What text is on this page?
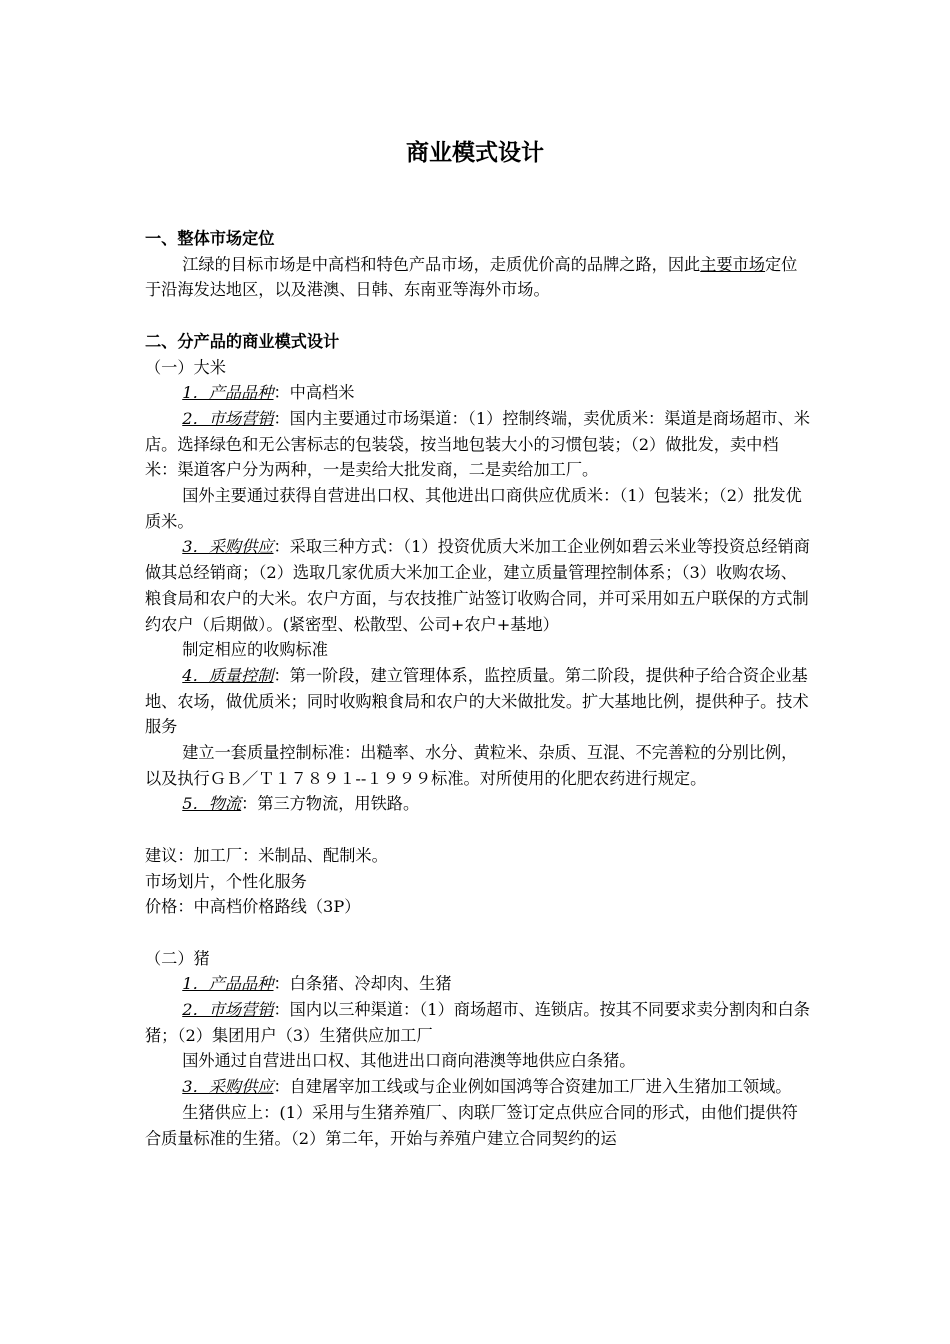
商业模式设计

一、整体市场定位

江绿的目标市场是中高档和特色产品市场，走质优价高的品牌之路，因此主要市场定位于沿海发达地区，以及港澳、日韩、东南亚等海外市场。

二、分产品的商业模式设计

（一）大米

1．产品品种：中高档米

2．市场营销：国内主要通过市场渠道：（1）控制终端，卖优质米：渠道是商场超市、米店。选择绿色和无公害标志的包装袋，按当地包装大小的习惯包装；（2）做批发，卖中档米：渠道客户分为两种，一是卖给大批发商，二是卖给加工厂。

国外主要通过获得自营进出口权、其他进出口商供应优质米：（1）包装米；（2）批发优质米。

3．采购供应：采取三种方式：（1）投资优质大米加工企业例如碧云米业等投资总经销商做其总经销商；（2）选取几家优质大米加工企业，建立质量管理控制体系；（3）收购农场、粮食局和农户的大米。农户方面，与农技推广站签订收购合同，并可采用如五户联保的方式制约农户（后期做）。(紧密型、松散型、公司+农户+基地）

制定相应的收购标准

4．质量控制：第一阶段，建立管理体系，监控质量。第二阶段，提供种子给合资企业基地、农场，做优质米；同时收购粮食局和农户的大米做批发。扩大基地比例，提供种子。技术服务

建立一套质量控制标准：出糙率、水分、黄粒米、杂质、互混、不完善粒的分别比例，以及执行ＧＢ／Ｔ１７８９１--１９９９标准。对所使用的化肥农药进行规定。

5．物流：第三方物流，用铁路。

建议：加工厂：米制品、配制米。

市场划片，个性化服务

价格：中高档价格路线（3P）

（二）猪

1．产品品种：白条猪、冷却肉、生猪

2．市场营销：国内以三种渠道：（1）商场超市、连锁店。按其不同要求卖分割肉和白条猪；（2）集团用户（3）生猪供应加工厂

国外通过自营进出口权、其他进出口商向港澳等地供应白条猪。

3．采购供应：自建屠宰加工线或与企业例如国鸿等合资建加工厂进入生猪加工领域。

生猪供应上：(1）采用与生猪养殖厂、肉联厂签订定点供应合同的形式，由他们提供符合质量标准的生猪。（2）第二年，开始与养殖户建立合同契约的运
